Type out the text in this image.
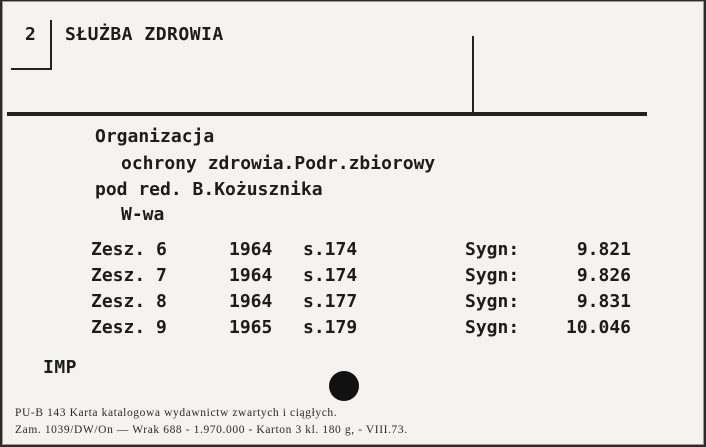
2 SŁUŻBA ZDROWIA
Organizacja
ochrony zdrowia.Podr.zbiorowy
pod red. B.Kożusznika
W-wa
Zesz. 6	1964 s.174	Sygn:	9.821
Zesz. 7	1964 s.174	Sygn:	9.826
Zesz. 8	1964 s.177	Sygn:	9.831
Zesz. 9	1965 s.179	Sygn:	10.046
IMP
PU-B 143 Karta katalogowa wydawnictw zwartych i ciągłych.
Zam. 1039/DW/On — Wrak 688 - 1.970.000 - Karton 3 kl. 180 g, - VIII.73.
